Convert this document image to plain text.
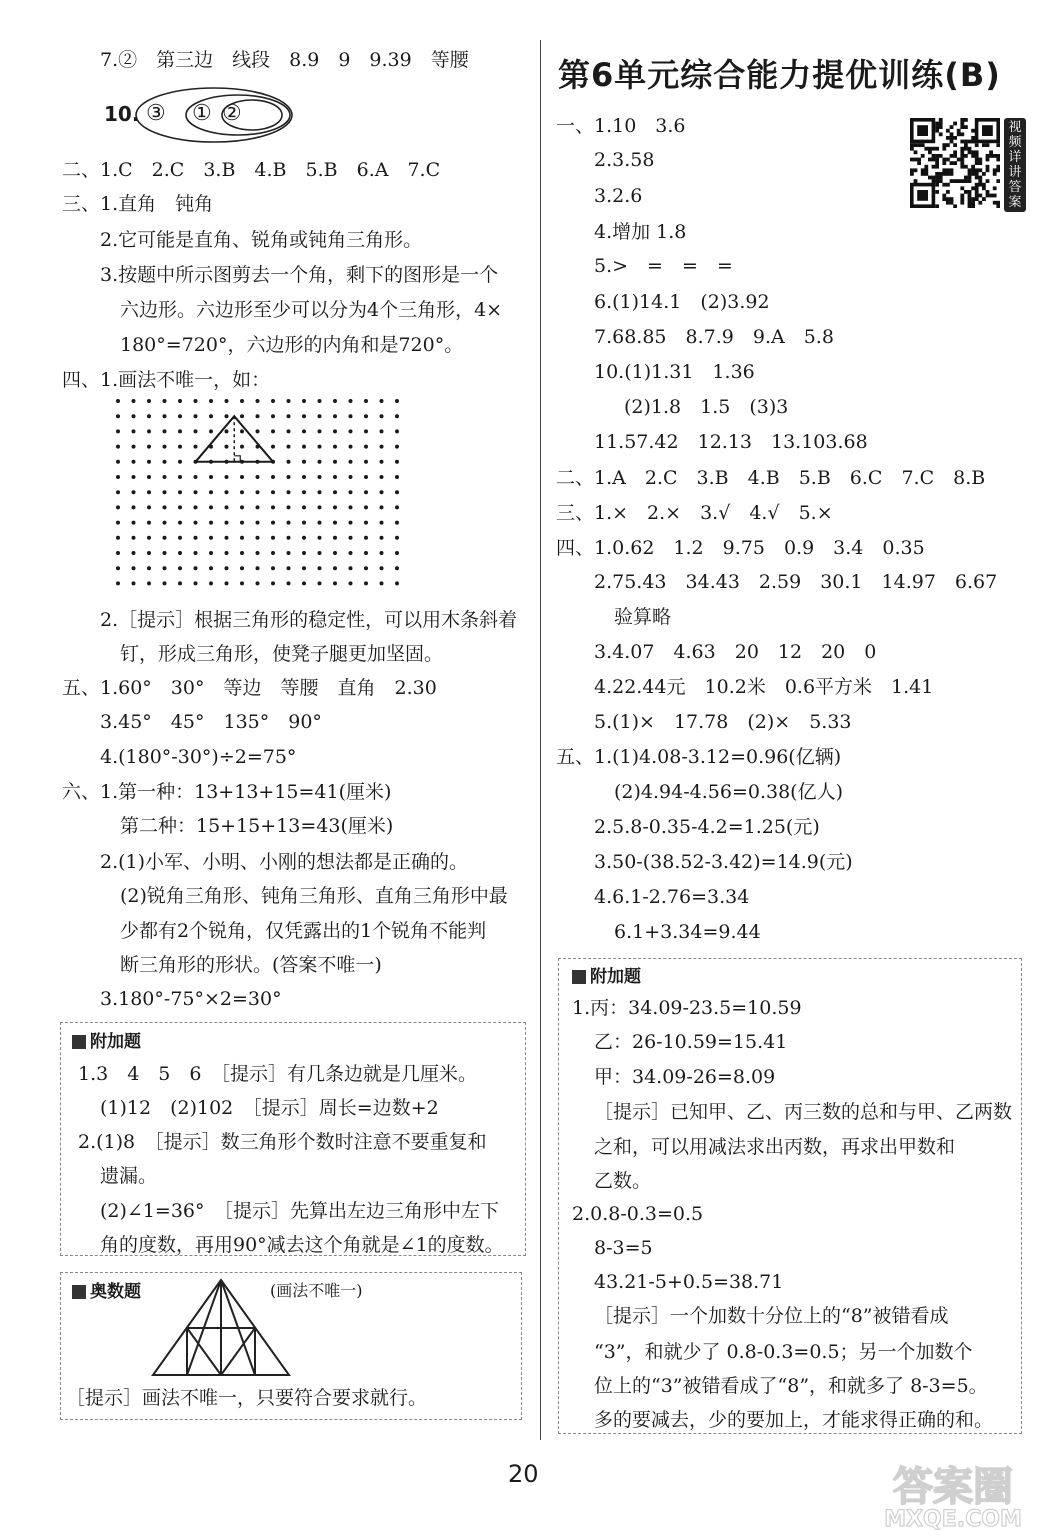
7.②　第三边　线段　8.9　9　9.39　等腰
10. ③ ① ②
二、1.C　2.C　3.B　4.B　5.B　6.A　7.C
三、1.直角　钝角
2.它可能是直角、锐角或钝角三角形。
3.按题中所示图剪去一个角，剩下的图形是一个
六边形。六边形至少可以分为4个三角形，4×
180°=720°，六边形的内角和是720°。
四、1.画法不唯一，如：
2.［提示］根据三角形的稳定性，可以用木条斜着
钉，形成三角形，使凳子腿更加坚固。
五、1.60°　30°　等边　等腰　直角　2.30
3.45°　45°　135°　90°
4.(180°-30°)÷2=75°
六、1.第一种：13+13+15=41(厘米)
第二种：15+15+13=43(厘米)
2.(1)小军、小明、小刚的想法都是正确的。
(2)锐角三角形、钝角三角形、直角三角形中最
少都有2个锐角，仅凭露出的1个锐角不能判
断三角形的形状。(答案不唯一)
3.180°-75°×2=30°
附加题
1.3　4　5　6　［提示］有几条边就是几厘米。
(1)12　(2)102　［提示］周长=边数+2
2.(1)8　［提示］数三角形个数时注意不要重复和
遗漏。
(2)∠1=36°　［提示］先算出左边三角形中左下
角的度数，再用90°减去这个角就是∠1的度数。
奥数题	(画法不唯一)
［提示］画法不唯一，只要符合要求就行。
第6单元综合能力提优训练(B)
视频详讲答案
一、1.10　3.6
2.3.58
3.2.6
4.增加 1.8
5.>　=　=　=
6.(1)14.1　(2)3.92
7.68.85　8.7.9　9.A　5.8
10.(1)1.31　1.36
(2)1.8　1.5　(3)3
11.57.42　12.13　13.103.68
二、1.A　2.C　3.B　4.B　5.B　6.C　7.C　8.B
三、1.×　2.×　3.√　4.√　5.×
四、1.0.62　1.2　9.75　0.9　3.4　0.35
2.75.43　34.43　2.59　30.1　14.97　6.67
验算略
3.4.07　4.63　20　12　20　0
4.22.44元　10.2米　0.6平方米　1.41
5.(1)×　17.78　(2)×　5.33
五、1.(1)4.08-3.12=0.96(亿辆)
(2)4.94-4.56=0.38(亿人)
2.5.8-0.35-4.2=1.25(元)
3.50-(38.52-3.42)=14.9(元)
4.6.1-2.76=3.34
6.1+3.34=9.44
附加题
1.丙：34.09-23.5=10.59
乙：26-10.59=15.41
甲：34.09-26=8.09
［提示］已知甲、乙、丙三数的总和与甲、乙两数
之和，可以用减法求出丙数，再求出甲数和
乙数。
2.0.8-0.3=0.5
8-3=5
43.21-5+0.5=38.71
［提示］一个加数十分位上的“8”被错看成
“3”，和就少了 0.8-0.3=0.5；另一个加数个
位上的“3”被错看成了“8”，和就多了 8-3=5。
多的要减去，少的要加上，才能求得正确的和。
20	答案圈
MXQE.COM
